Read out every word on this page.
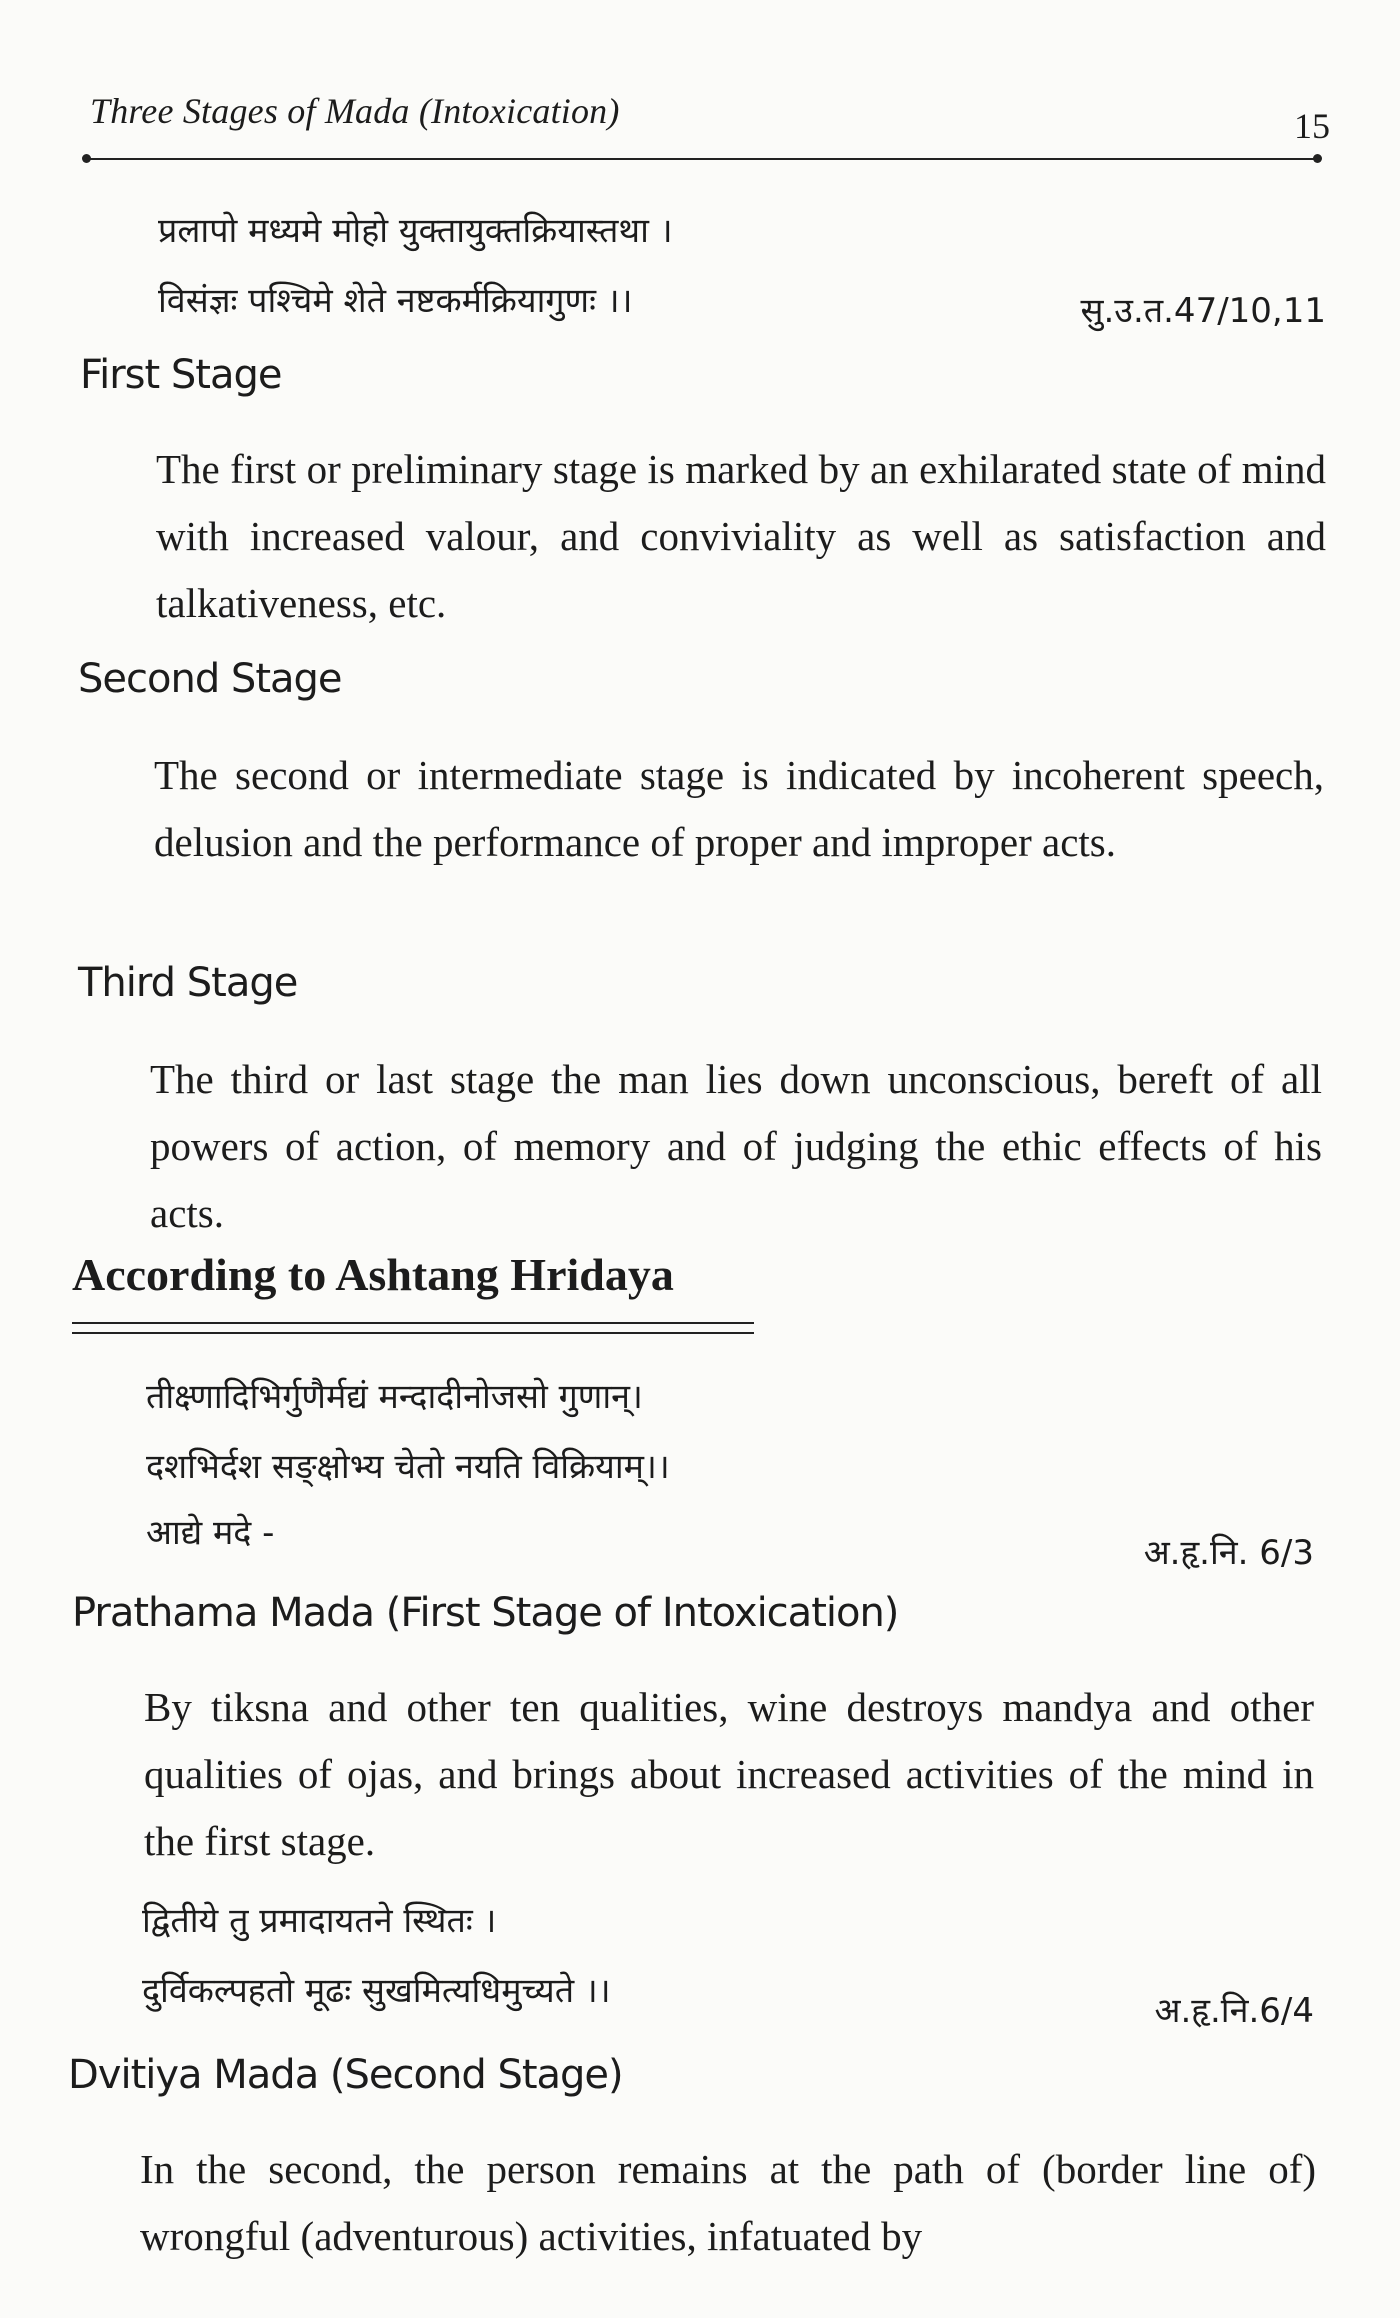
Three Stages of Mada (Intoxication)	15
प्रलापो मध्यमे मोहो युक्तायुक्तक्रियास्तथा ।
विसंज्ञः पश्चिमे शेते नष्टकर्मक्रियागुणः ।।	सु.उ.त.47/10,11
First Stage
The first or preliminary stage is marked by an exhilarated state of mind with increased valour, and conviviality as well as satisfaction and talkativeness, etc.
Second Stage
The second or intermediate stage is indicated by incoherent speech, delusion and the performance of proper and improper acts.
Third Stage
The third or last stage the man lies down unconscious, bereft of all powers of action, of memory and of judging the ethic effects of his acts.
According to Ashtang Hridaya
तीक्ष्णादिभिर्गुणैर्मद्यं मन्दादीनोजसो गुणान्।
दशभिर्दश सङ्क्षोभ्य चेतो नयति विक्रियाम्।।
आद्ये मदे -	अ.हृ.नि. 6/3
Prathama Mada (First Stage of Intoxication)
By tiksna and other ten qualities, wine destroys mandya and other qualities of ojas, and brings about increased activities of the mind in the first stage.
द्वितीये तु प्रमादायतने स्थितः ।
दुर्विकल्पहतो मूढः सुखमित्यधिमुच्यते ।।	अ.हृ.नि.6/4
Dvitiya Mada (Second Stage)
In the second, the person remains at the path of (border line of) wrongful (adventurous) activities, infatuated by
